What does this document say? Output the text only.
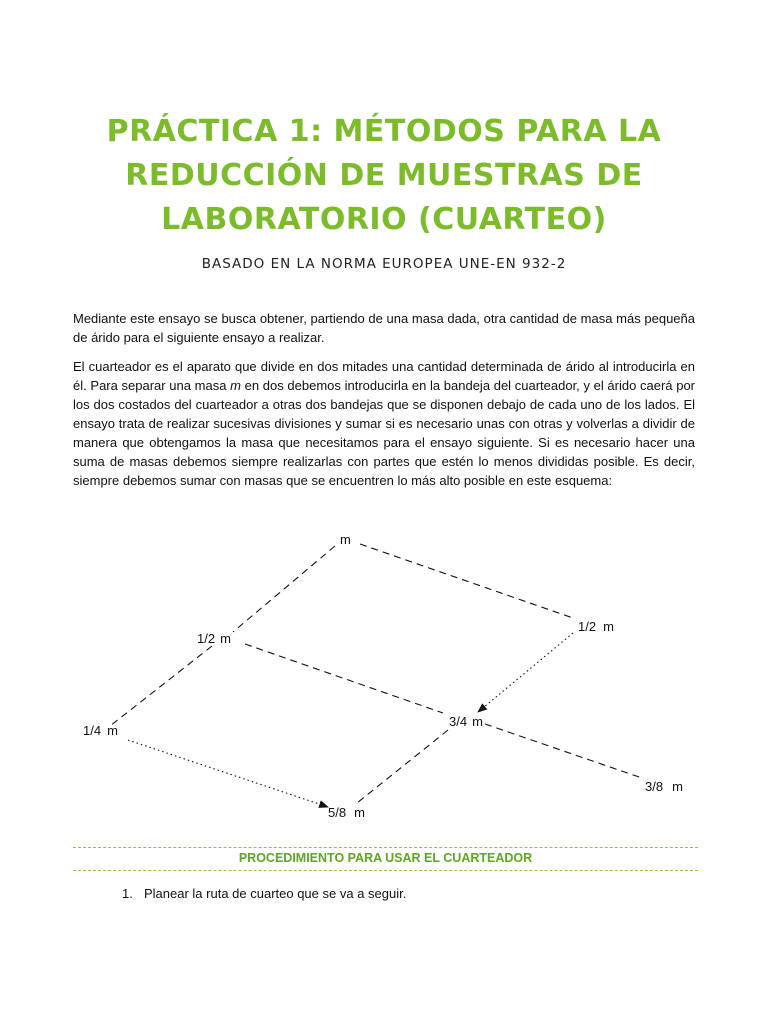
PRÁCTICA 1: MÉTODOS PARA LA
REDUCCIÓN DE MUESTRAS DE
LABORATORIO (CUARTEO)

BASADO EN LA NORMA EUROPEA UNE-EN 932-2

Mediante este ensayo se busca obtener, partiendo de una masa dada, otra cantidad de masa más pequeña de árido para el siguiente ensayo a realizar.

El cuarteador es el aparato que divide en dos mitades una cantidad determinada de árido al introducirla en él. Para separar una masa m en dos debemos introducirla en la bandeja del cuarteador, y el árido caerá por los dos costados del cuarteador a otras dos bandejas que se disponen debajo de cada uno de los lados. El ensayo trata de realizar sucesivas divisiones y sumar si es necesario unas con otras y volverlas a dividir de manera que obtengamos la masa que necesitamos para el ensayo siguiente. Si es necesario hacer una suma de masas debemos siempre realizarlas con partes que estén lo menos divididas posible. Es decir, siempre debemos sumar con masas que se encuentren lo más alto posible en este esquema:

m
1/2 m
1/2 m
1/4 m
3/4 m
3/8 m
5/8 m
PROCEDIMIENTO PARA USAR EL CUARTEADOR
1. Planear la ruta de cuarteo que se va a seguir.
